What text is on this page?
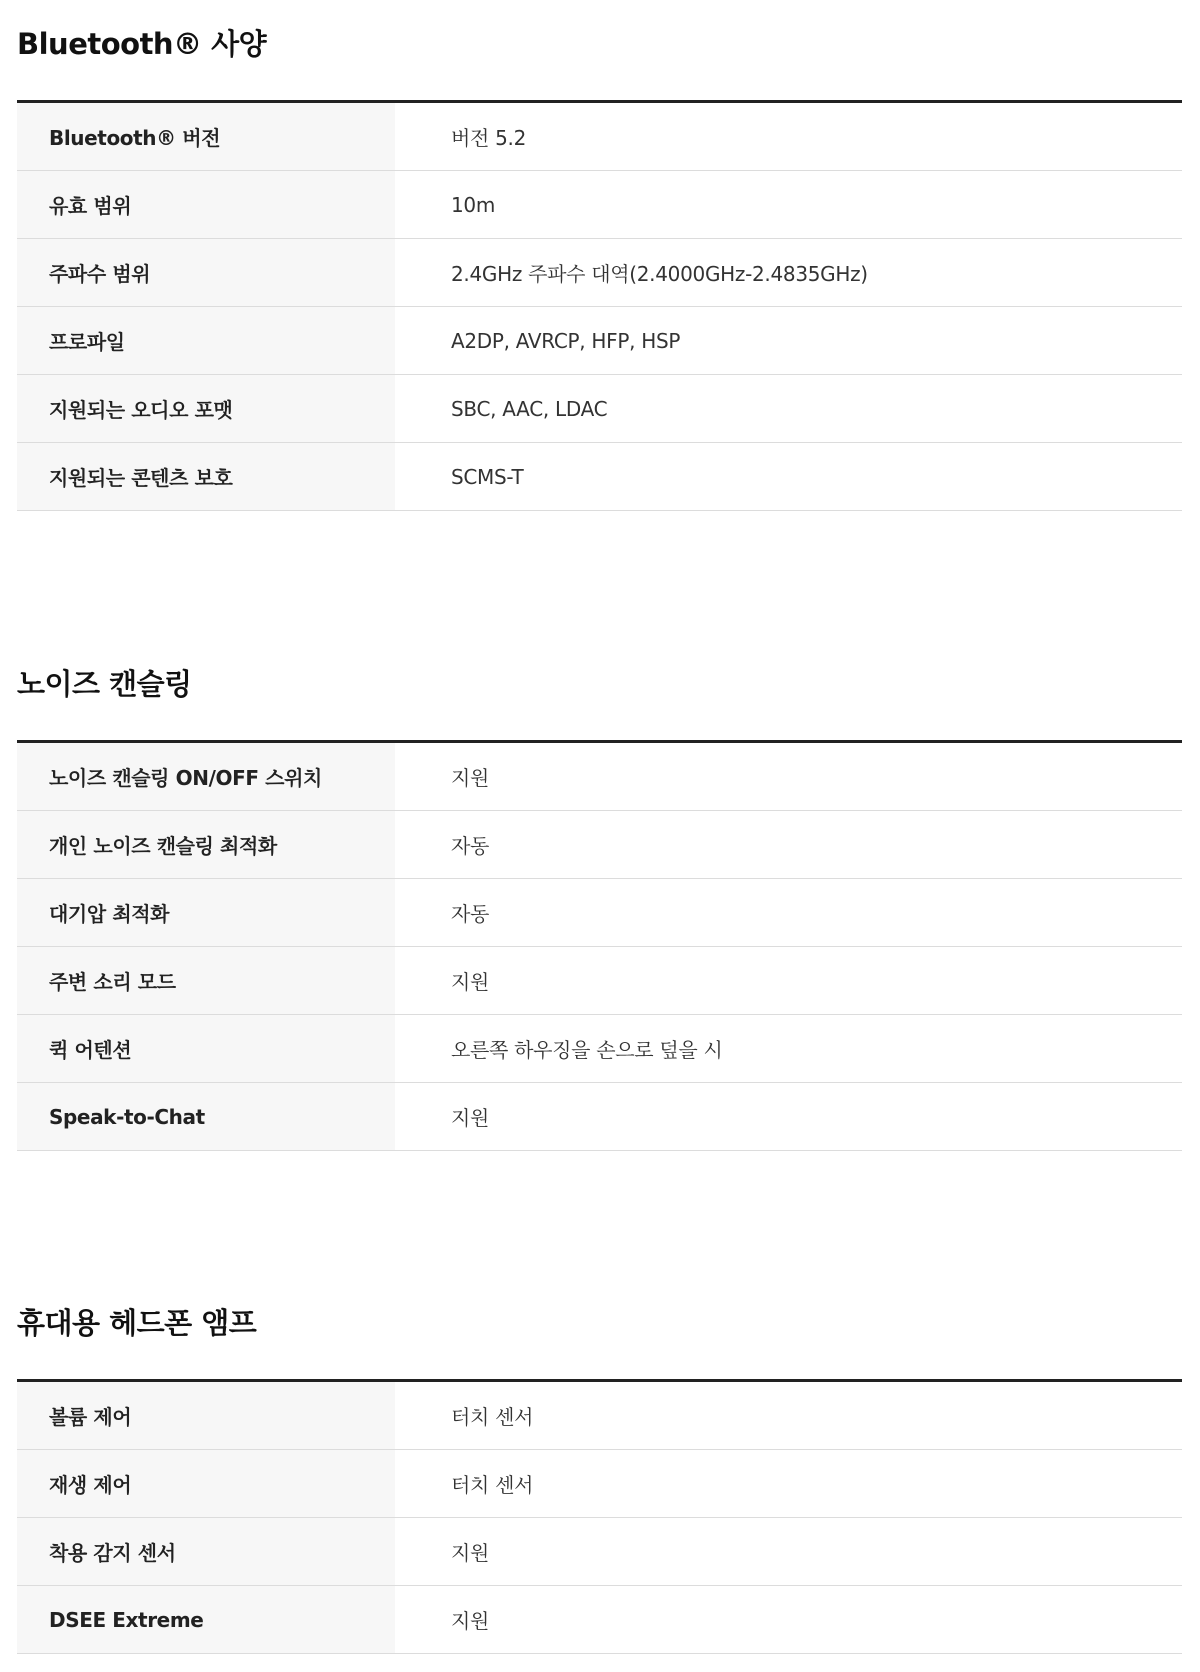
Bluetooth® 사양
Bluetooth® 버전	버전 5.2
유효 범위	10m
주파수 범위	2.4GHz 주파수 대역(2.4000GHz-2.4835GHz)
프로파일	A2DP, AVRCP, HFP, HSP
지원되는 오디오 포맷	SBC, AAC, LDAC
지원되는 콘텐츠 보호	SCMS-T
노이즈 캔슬링
노이즈 캔슬링 ON/OFF 스위치	지원
개인 노이즈 캔슬링 최적화	자동
대기압 최적화	자동
주변 소리 모드	지원
퀵 어텐션	오른쪽 하우징을 손으로 덮을 시
Speak-to-Chat	지원
휴대용 헤드폰 앰프
볼륨 제어	터치 센서
재생 제어	터치 센서
착용 감지 센서	지원
DSEE Extreme	지원
